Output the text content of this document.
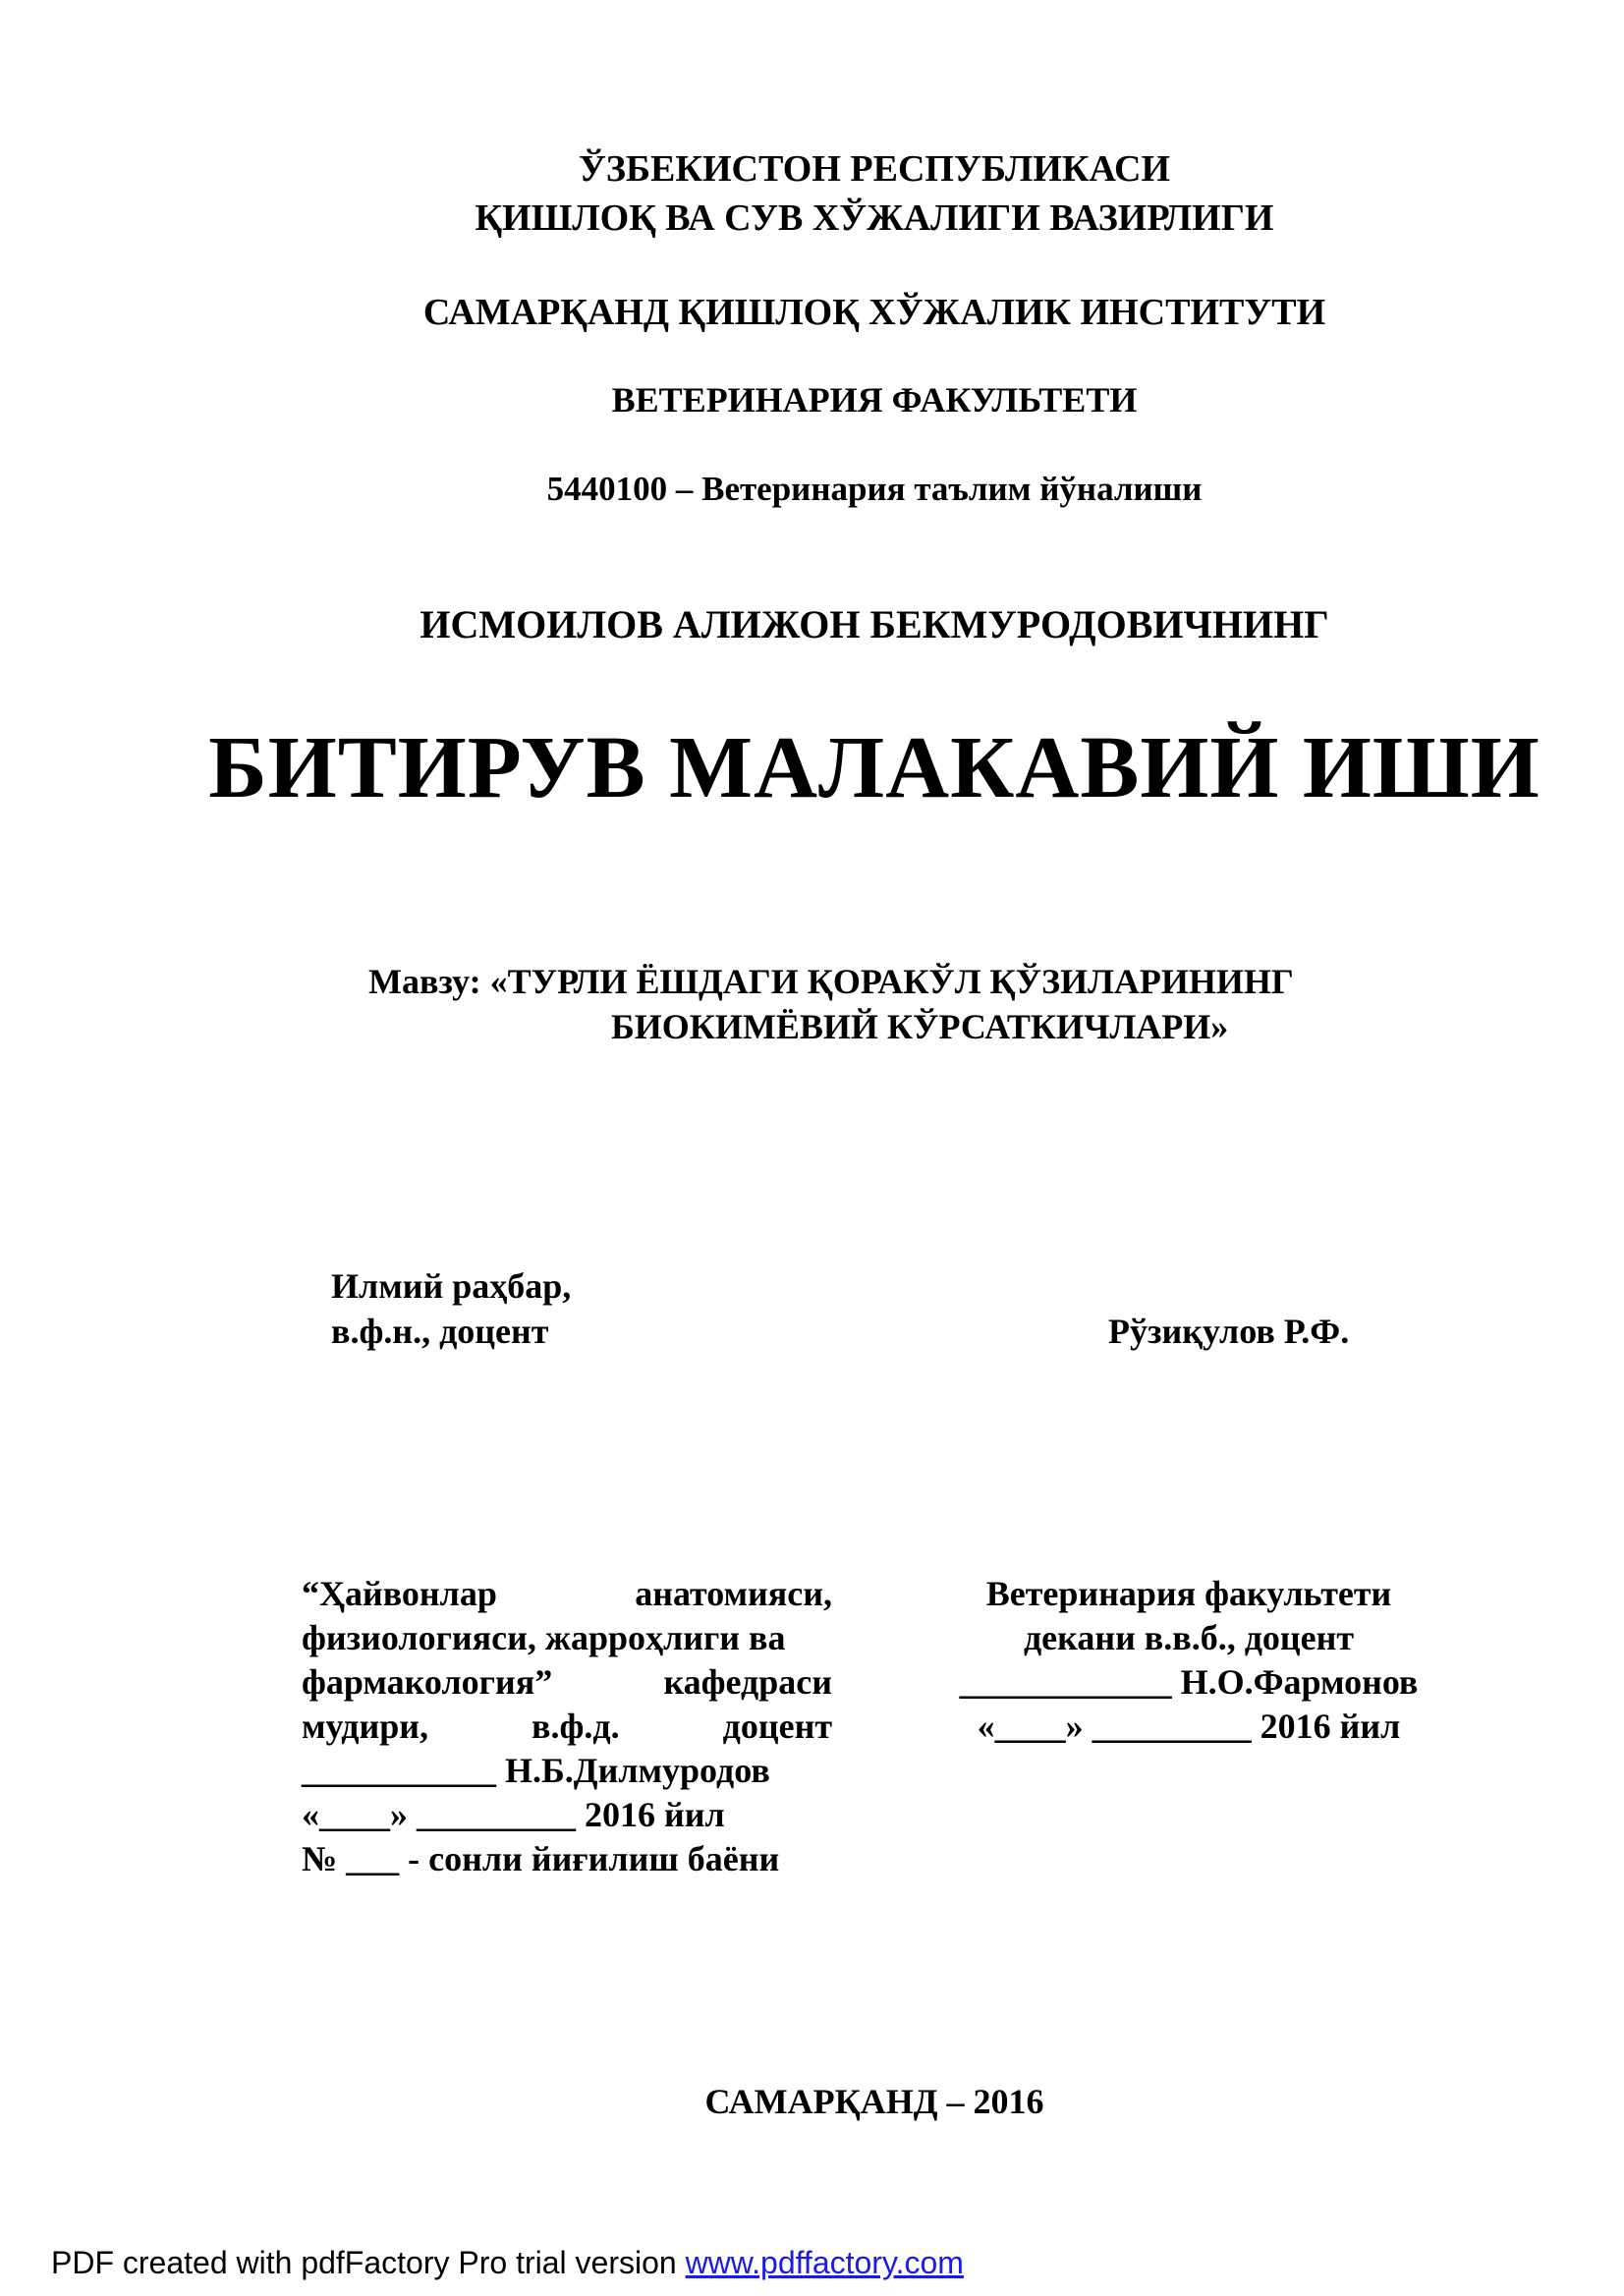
ЎЗБЕКИСТОН РЕСПУБЛИКАСИ
ҚИШЛОҚ ВА СУВ ХЎЖАЛИГИ ВАЗИРЛИГИ
САМАРҚАНД ҚИШЛОҚ ХЎЖАЛИК ИНСТИТУТИ
ВЕТЕРИНАРИЯ ФАКУЛЬТЕТИ
5440100 – Ветеринария таълим йўналиши
ИСМОИЛОВ АЛИЖОН БЕКМУРОДОВИЧНИНГ
БИТИРУВ МАЛАКАВИЙ ИШИ
Мавзу: «ТУРЛИ ЁШДАГИ ҚОРАКЎЛ ҚЎЗИЛАРИНИНГ
БИОКИМЁВИЙ КЎРСАТКИЧЛАРИ»
Илмий раҳбар,
в.ф.н., доцент	Рўзиқулов Р.Ф.
“Ҳайвонлар	анатомияси,
физиологияси, жарроҳлиги ва
фармакология”	кафедраси
мудири,	в.ф.д.	доцент
___________ Н.Б.Дилмуродов
«____» _________ 2016 йил
№ ___ - сонли йиғилиш баёни
Ветеринария факультети
декани в.в.б., доцент
____________ Н.О.Фармонов
«____» _________ 2016 йил
САМАРҚАНД – 2016
PDF created with pdfFactory Pro trial version www.pdffactory.com
